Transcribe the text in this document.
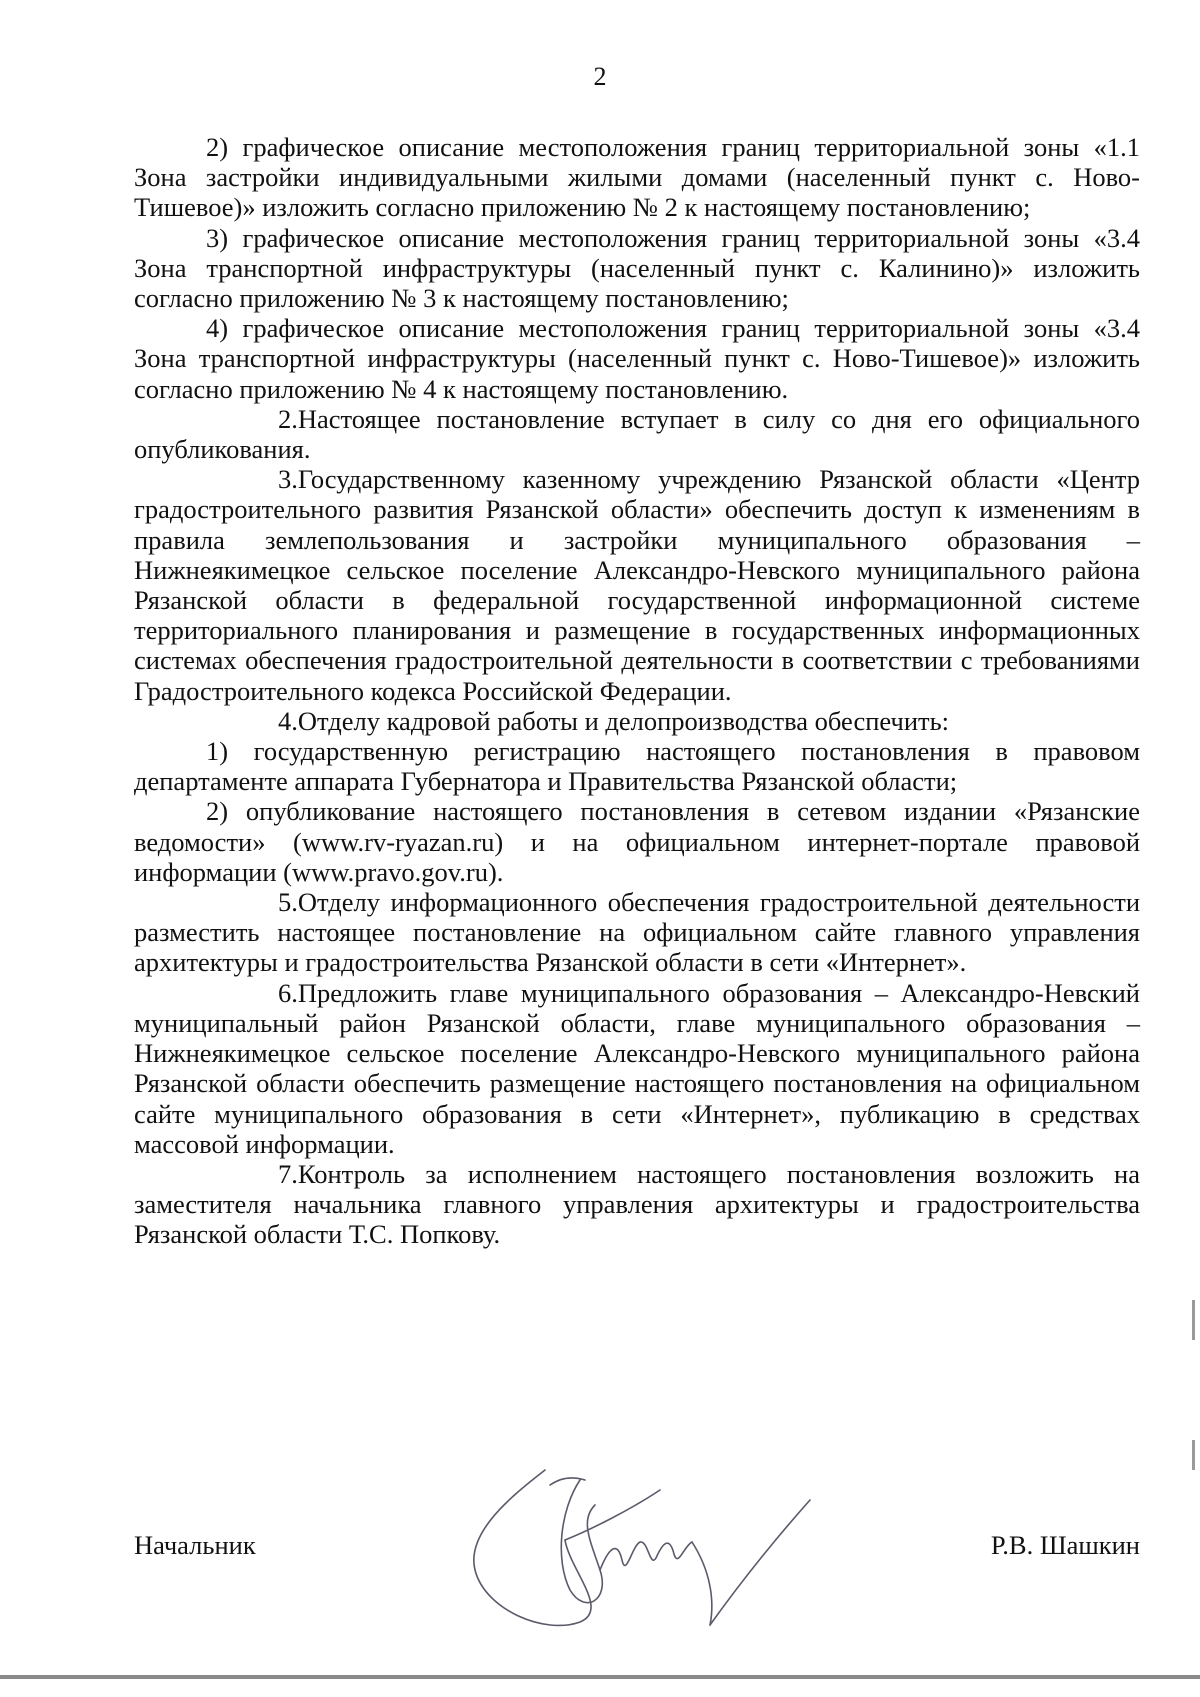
2

2) графическое описание местоположения границ территориальной зоны «1.1 Зона застройки индивидуальными жилыми домами (населенный пункт с. Ново-Тишевое)» изложить согласно приложению № 2 к настоящему постановлению;

3) графическое описание местоположения границ территориальной зоны «3.4 Зона транспортной инфраструктуры (населенный пункт с. Калинино)» изложить согласно приложению № 3 к настоящему постановлению;

4) графическое описание местоположения границ территориальной зоны «3.4 Зона транспортной инфраструктуры (населенный пункт с. Ново-Тишевое)» изложить согласно приложению № 4 к настоящему постановлению.

2.Настоящее постановление вступает в силу со дня его официального опубликования.

3.Государственному казенному учреждению Рязанской области «Центр градостроительного развития Рязанской области» обеспечить доступ к изменениям в правила землепользования и застройки муниципального образования – Нижнеякимецкое сельское поселение Александро-Невского муниципального района Рязанской области в федеральной государственной информационной системе территориального планирования и размещение в государственных информационных системах обеспечения градостроительной деятельности в соответствии с требованиями Градостроительного кодекса Российской Федерации.

4.Отделу кадровой работы и делопроизводства обеспечить:

1) государственную регистрацию настоящего постановления в правовом департаменте аппарата Губернатора и Правительства Рязанской области;

2) опубликование настоящего постановления в сетевом издании «Рязанские ведомости» (www.rv-ryazan.ru) и на официальном интернет-портале правовой информации (www.pravo.gov.ru).

5.Отделу информационного обеспечения градостроительной деятельности разместить настоящее постановление на официальном сайте главного управления архитектуры и градостроительства Рязанской области в сети «Интернет».

6.Предложить главе муниципального образования – Александро-Невский муниципальный район Рязанской области, главе муниципального образования – Нижнеякимецкое сельское поселение Александро-Невского муниципального района Рязанской области обеспечить размещение настоящего постановления на официальном сайте муниципального образования в сети «Интернет», публикацию в средствах массовой информации.

7.Контроль за исполнением настоящего постановления возложить на заместителя начальника главного управления архитектуры и градостроительства Рязанской области Т.С. Попкову.

Начальник	Р.В. Шашкин
